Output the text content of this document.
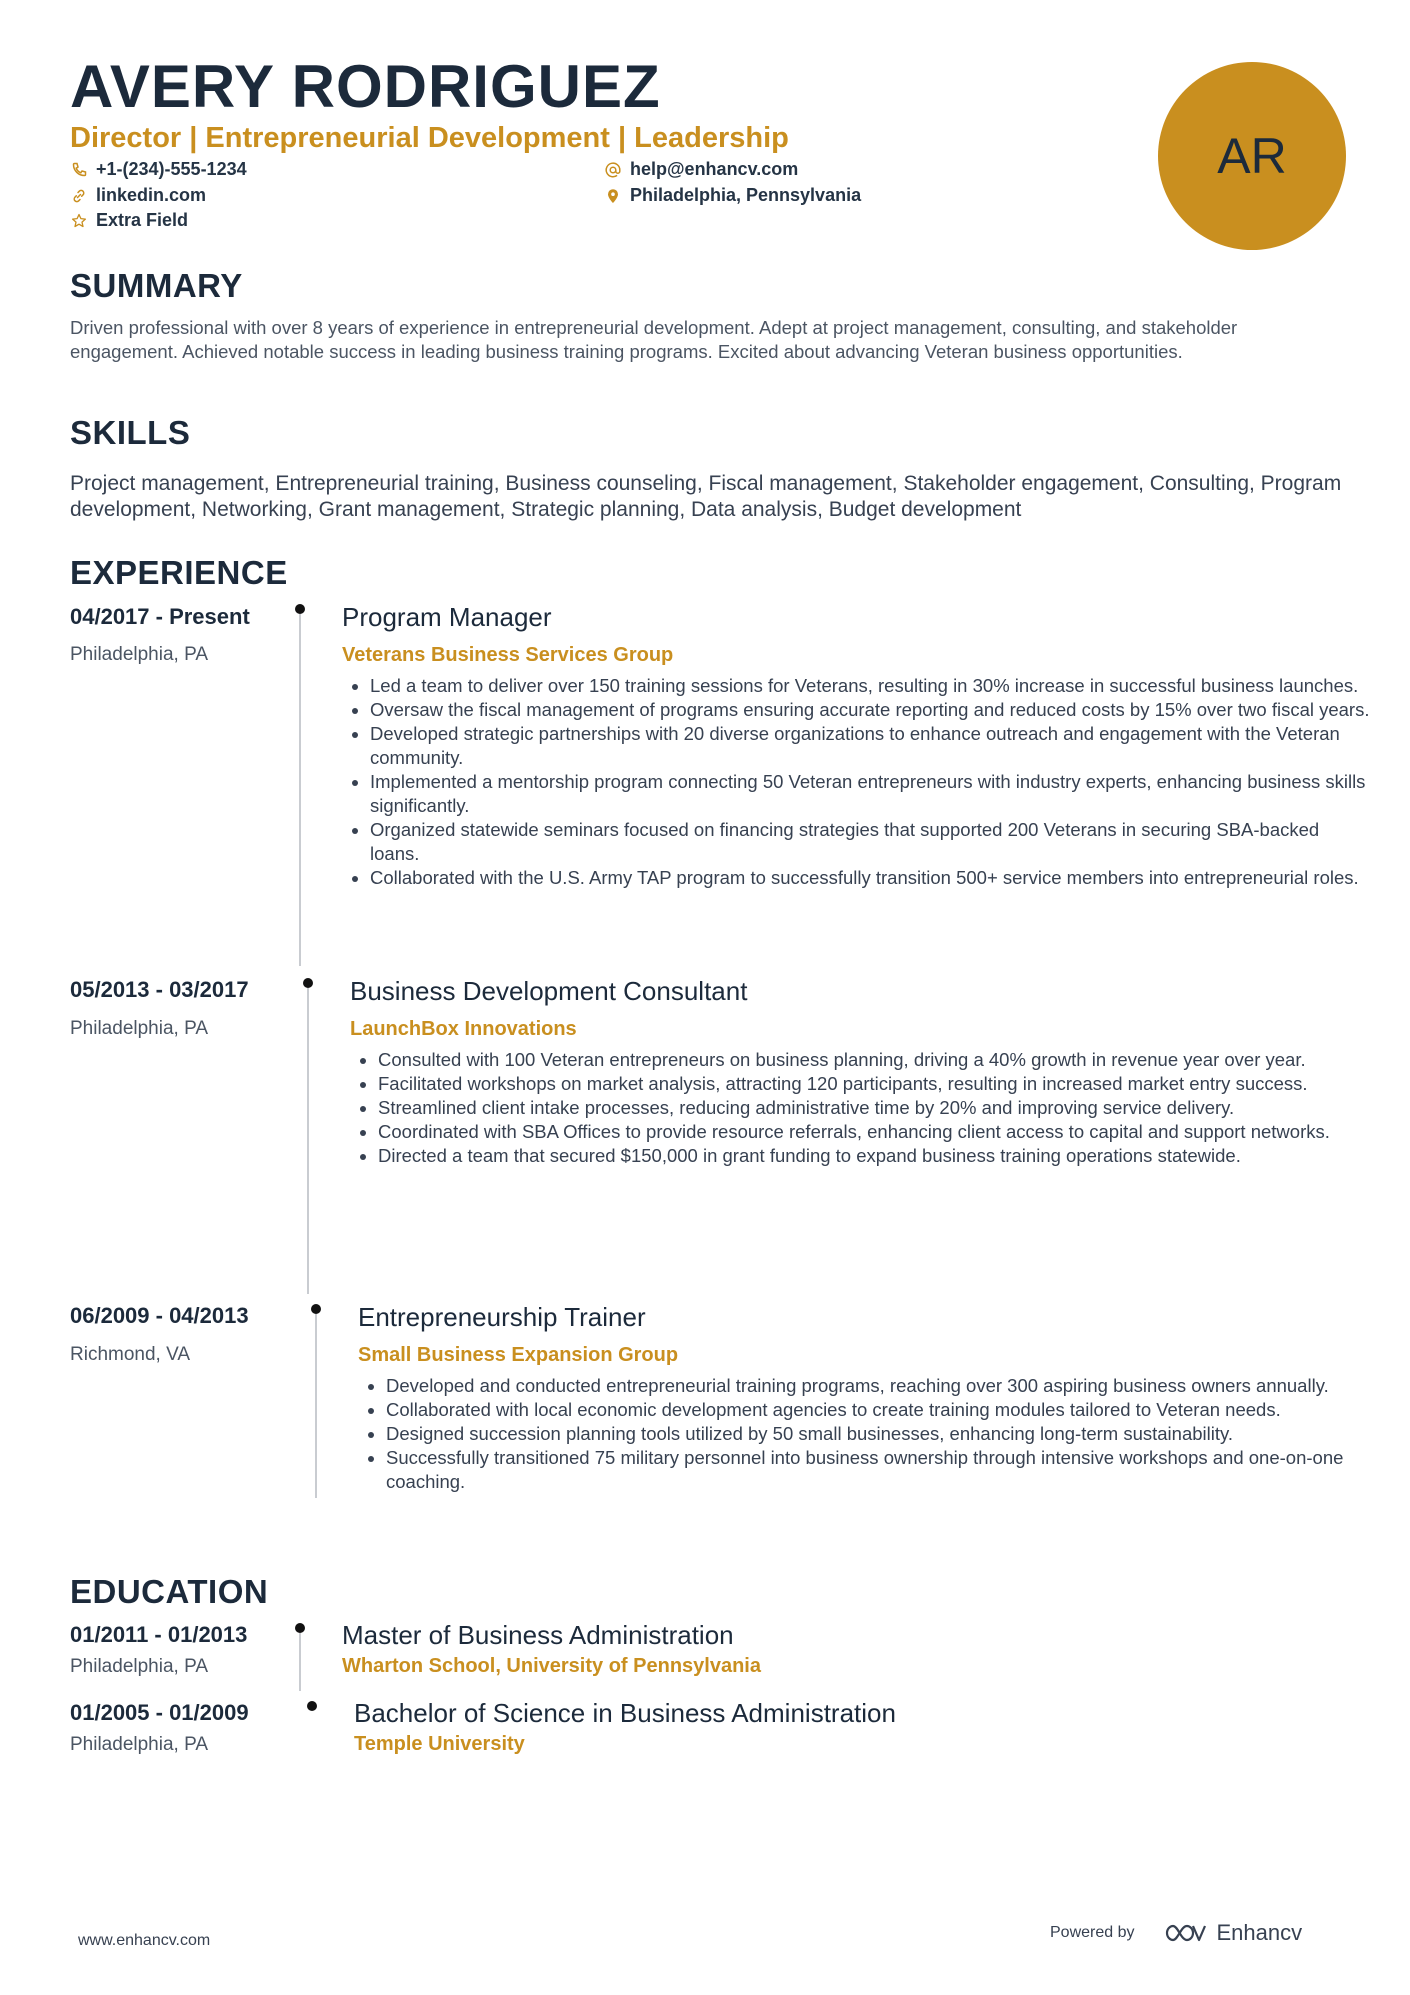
AVERY RODRIGUEZ
Director | Entrepreneurial Development | Leadership
+1-(234)-555-1234	help@enhancv.com
linkedin.com	Philadelphia, Pennsylvania
Extra Field
AR
SUMMARY
Driven professional with over 8 years of experience in entrepreneurial development. Adept at project management, consulting, and stakeholder engagement. Achieved notable success in leading business training programs. Excited about advancing Veteran business opportunities.
SKILLS
Project management, Entrepreneurial training, Business counseling, Fiscal management, Stakeholder engagement, Consulting, Program development, Networking, Grant management, Strategic planning, Data analysis, Budget development
EXPERIENCE
04/2017 - Present
Philadelphia, PA
Program Manager
Veterans Business Services Group
• Led a team to deliver over 150 training sessions for Veterans, resulting in 30% increase in successful business launches.
• Oversaw the fiscal management of programs ensuring accurate reporting and reduced costs by 15% over two fiscal years.
• Developed strategic partnerships with 20 diverse organizations to enhance outreach and engagement with the Veteran community.
• Implemented a mentorship program connecting 50 Veteran entrepreneurs with industry experts, enhancing business skills significantly.
• Organized statewide seminars focused on financing strategies that supported 200 Veterans in securing SBA-backed loans.
• Collaborated with the U.S. Army TAP program to successfully transition 500+ service members into entrepreneurial roles.
05/2013 - 03/2017
Philadelphia, PA
Business Development Consultant
LaunchBox Innovations
• Consulted with 100 Veteran entrepreneurs on business planning, driving a 40% growth in revenue year over year.
• Facilitated workshops on market analysis, attracting 120 participants, resulting in increased market entry success.
• Streamlined client intake processes, reducing administrative time by 20% and improving service delivery.
• Coordinated with SBA Offices to provide resource referrals, enhancing client access to capital and support networks.
• Directed a team that secured $150,000 in grant funding to expand business training operations statewide.
06/2009 - 04/2013
Richmond, VA
Entrepreneurship Trainer
Small Business Expansion Group
• Developed and conducted entrepreneurial training programs, reaching over 300 aspiring business owners annually.
• Collaborated with local economic development agencies to create training modules tailored to Veteran needs.
• Designed succession planning tools utilized by 50 small businesses, enhancing long-term sustainability.
• Successfully transitioned 75 military personnel into business ownership through intensive workshops and one-on-one coaching.
EDUCATION
01/2011 - 01/2013
Philadelphia, PA
Master of Business Administration
Wharton School, University of Pennsylvania
01/2005 - 01/2009
Philadelphia, PA
Bachelor of Science in Business Administration
Temple University
www.enhancv.com	Powered by	Enhancv
